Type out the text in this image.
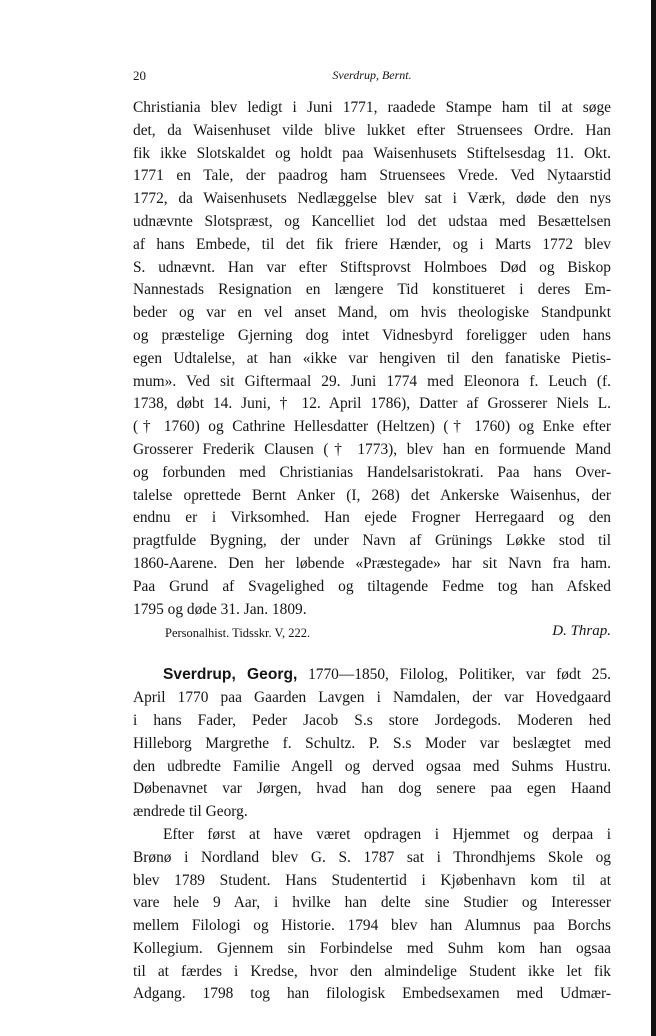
20	Sverdrup, Bernt.
Christiania blev ledigt i Juni 1771, raadede Stampe ham til at søge
det, da Waisenhuset vilde blive lukket efter Struensees Ordre. Han
fik ikke Slotskaldet og holdt paa Waisenhusets Stiftelsesdag 11. Okt.
1771 en Tale, der paadrog ham Struensees Vrede. Ved Nytaarstid
1772, da Waisenhusets Nedlæggelse blev sat i Værk, døde den nys
udnævnte Slotspræst, og Kancelliet lod det udstaa med Besættelsen
af hans Embede, til det fik friere Hænder, og i Marts 1772 blev
S. udnævnt. Han var efter Stiftsprovst Holmboes Død og Biskop
Nannestads Resignation en længere Tid konstitueret i deres Em-
beder og var en vel anset Mand, om hvis theologiske Standpunkt
og præstelige Gjerning dog intet Vidnesbyrd foreligger uden hans
egen Udtalelse, at han «ikke var hengiven til den fanatiske Pietis-
mum». Ved sit Giftermaal 29. Juni 1774 med Eleonora f. Leuch (f.
1738, døbt 14. Juni, † 12. April 1786), Datter af Grosserer Niels L.
(† 1760) og Cathrine Hellesdatter (Heltzen) († 1760) og Enke efter
Grosserer Frederik Clausen († 1773), blev han en formuende Mand
og forbunden med Christianias Handelsaristokrati. Paa hans Over-
talelse oprettede Bernt Anker (I, 268) det Ankerske Waisenhus, der
endnu er i Virksomhed. Han ejede Frogner Herregaard og den
pragtfulde Bygning, der under Navn af Grünings Løkke stod til
1860-Aarene. Den her løbende «Præstegade» har sit Navn fra ham.
Paa Grund af Svagelighed og tiltagende Fedme tog han Afsked
1795 og døde 31. Jan. 1809.
Personalhist. Tidsskr. V, 222.	D. Thrap.
Sverdrup, Georg, 1770—1850, Filolog, Politiker, var født 25.
April 1770 paa Gaarden Lavgen i Namdalen, der var Hovedgaard
i hans Fader, Peder Jacob S.s store Jordegods. Moderen hed
Hilleborg Margrethe f. Schultz. P. S.s Moder var beslægtet med
den udbredte Familie Angell og derved ogsaa med Suhms Hustru.
Døbenavnet var Jørgen, hvad han dog senere paa egen Haand
ændrede til Georg.
Efter først at have været opdragen i Hjemmet og derpaa i
Brønø i Nordland blev G. S. 1787 sat i Throndhjems Skole og
blev 1789 Student. Hans Studentertid i Kjøbenhavn kom til at
vare hele 9 Aar, i hvilke han delte sine Studier og Interesser
mellem Filologi og Historie. 1794 blev han Alumnus paa Borchs
Kollegium. Gjennem sin Forbindelse med Suhm kom han ogsaa
til at færdes i Kredse, hvor den almindelige Student ikke let fik
Adgang. 1798 tog han filologisk Embedsexamen med Udmær-
